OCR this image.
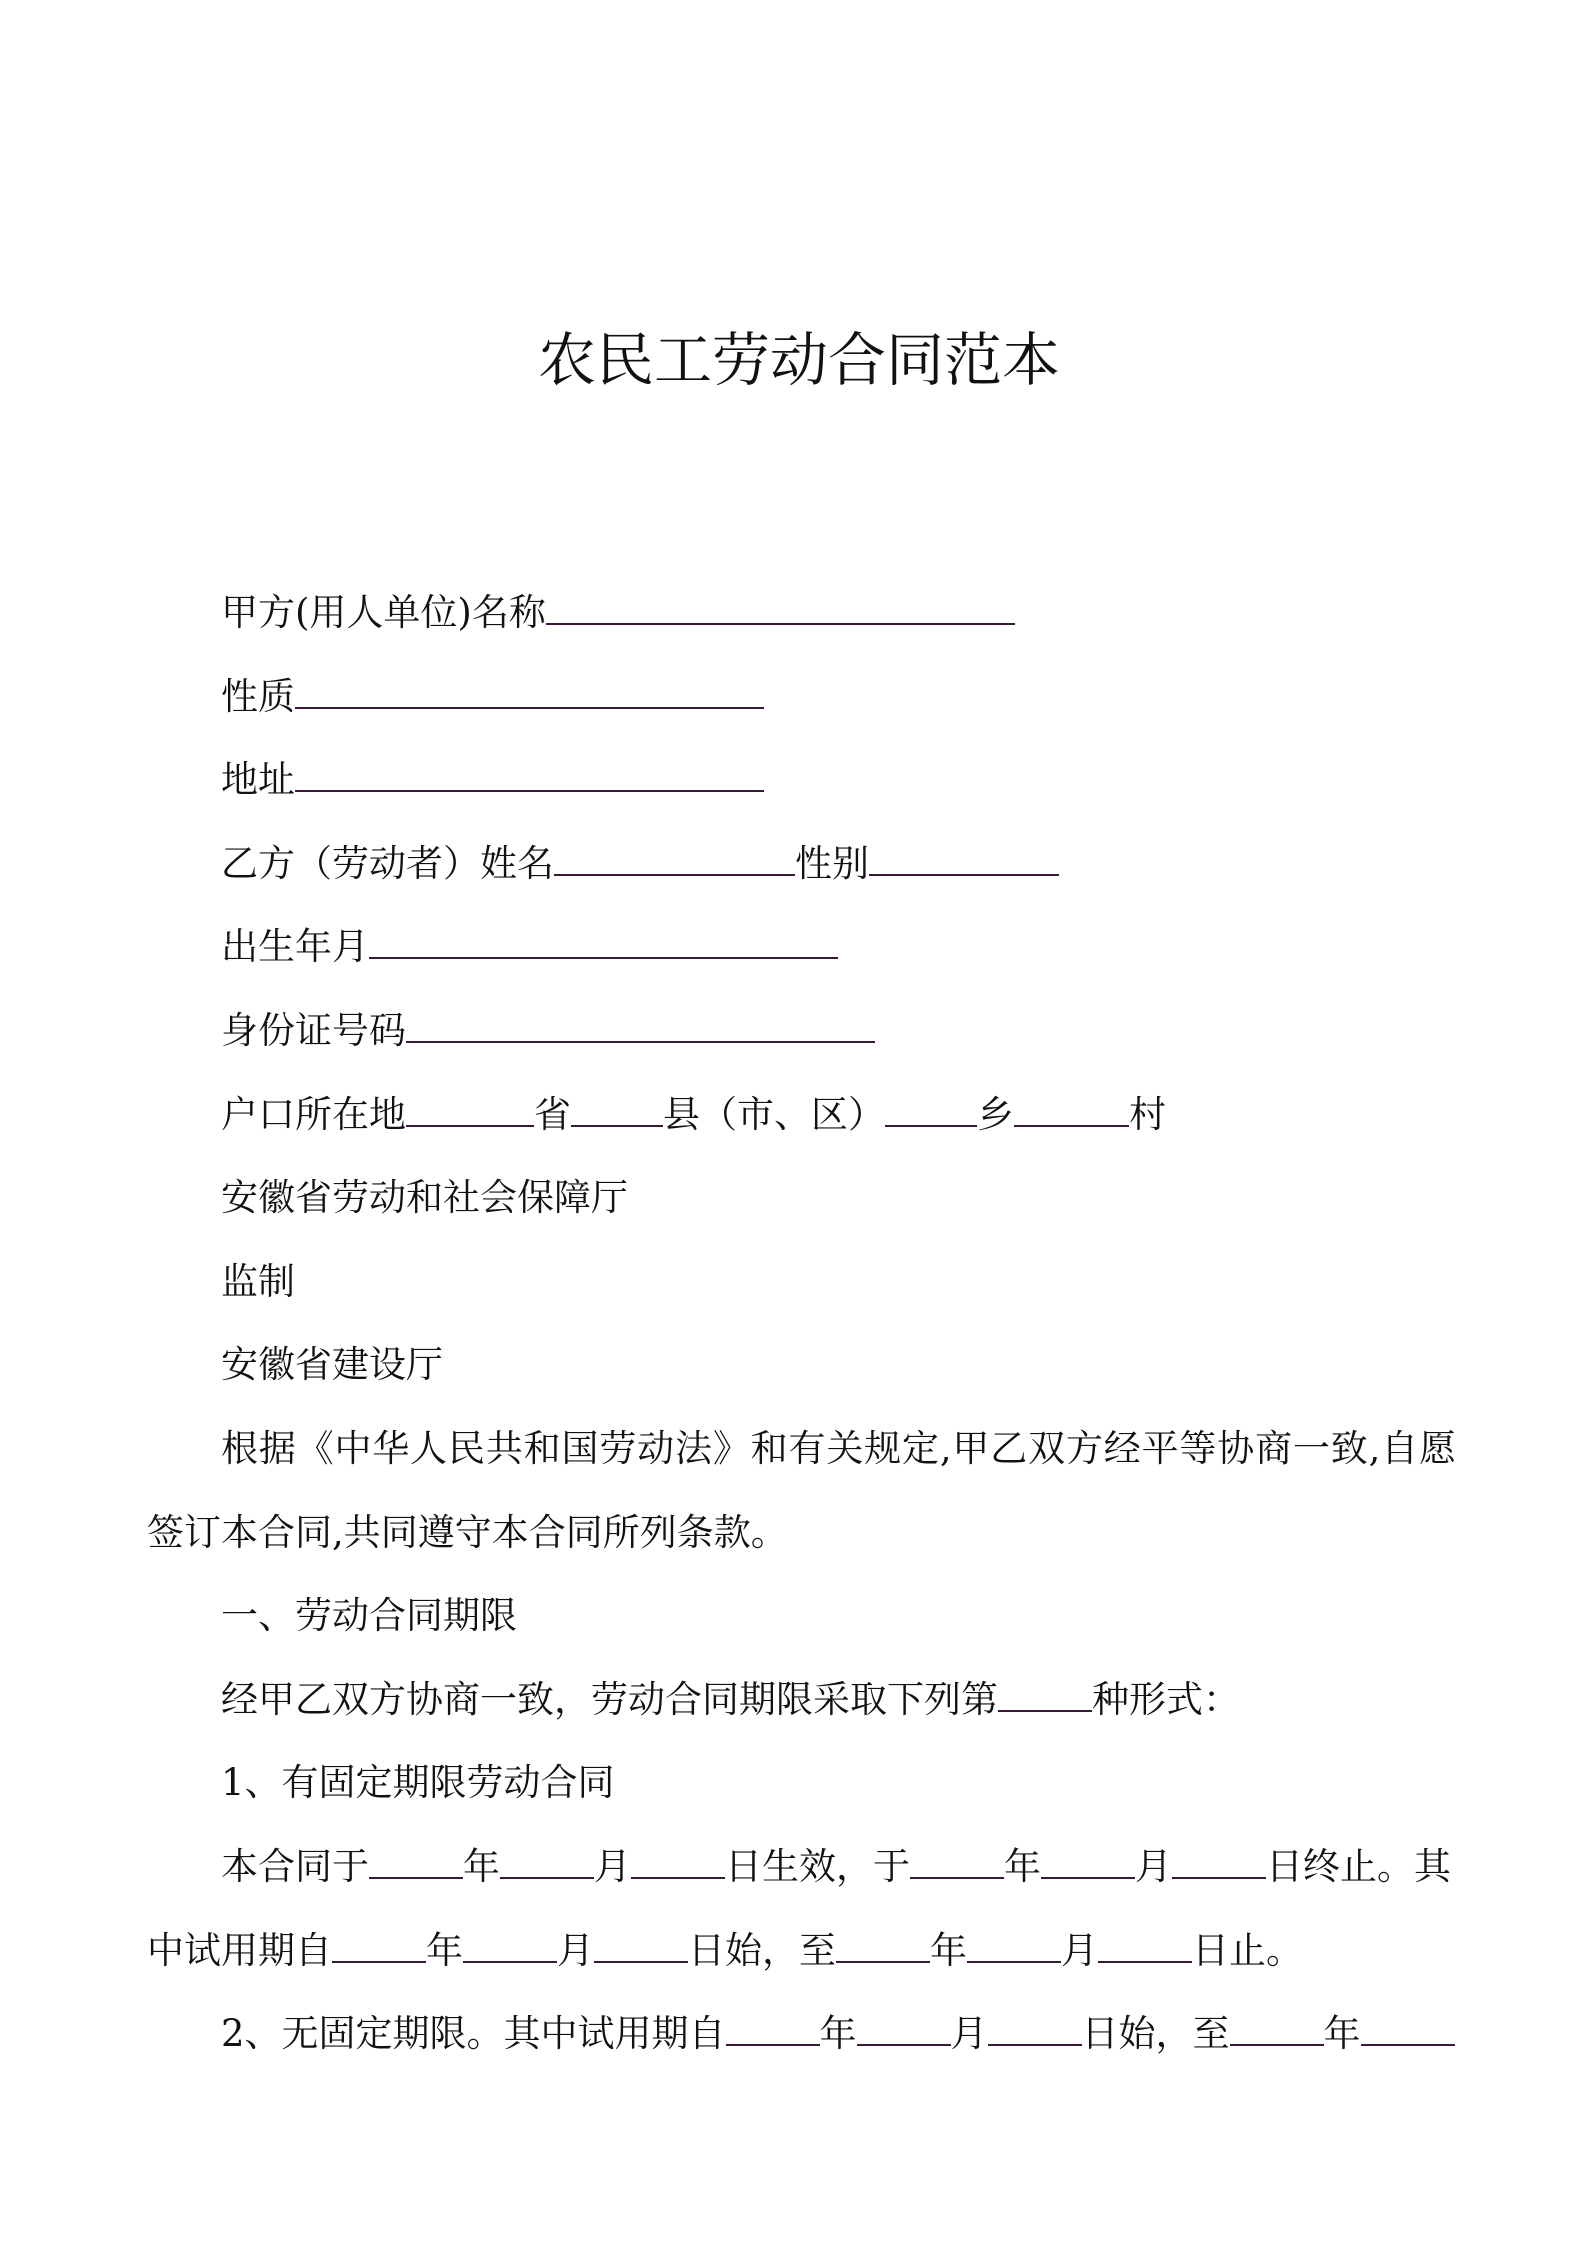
农民工劳动合同范本
甲方(用人单位)名称
性质
地址
乙方（劳动者）姓名	性别
出生年月
身份证号码
户口所在地	省 县（市、区） 乡	村
安徽省劳动和社会保障厅
监制
安徽省建设厅
根据《中华人民共和国劳动法》和有关规定,甲乙双方经平等协商一致,自愿
签订本合同,共同遵守本合同所列条款。
一、劳动合同期限
经甲乙双方协商一致，劳动合同期限采取下列第	种形式：
1、有固定期限劳动合同
本合同于	年	月	日生效，于	年	月	日终止。其
中试用期自	年	月	日始，至	年	月	日止。
2、无固定期限。其中试用期自	年	月	日始，至	年
